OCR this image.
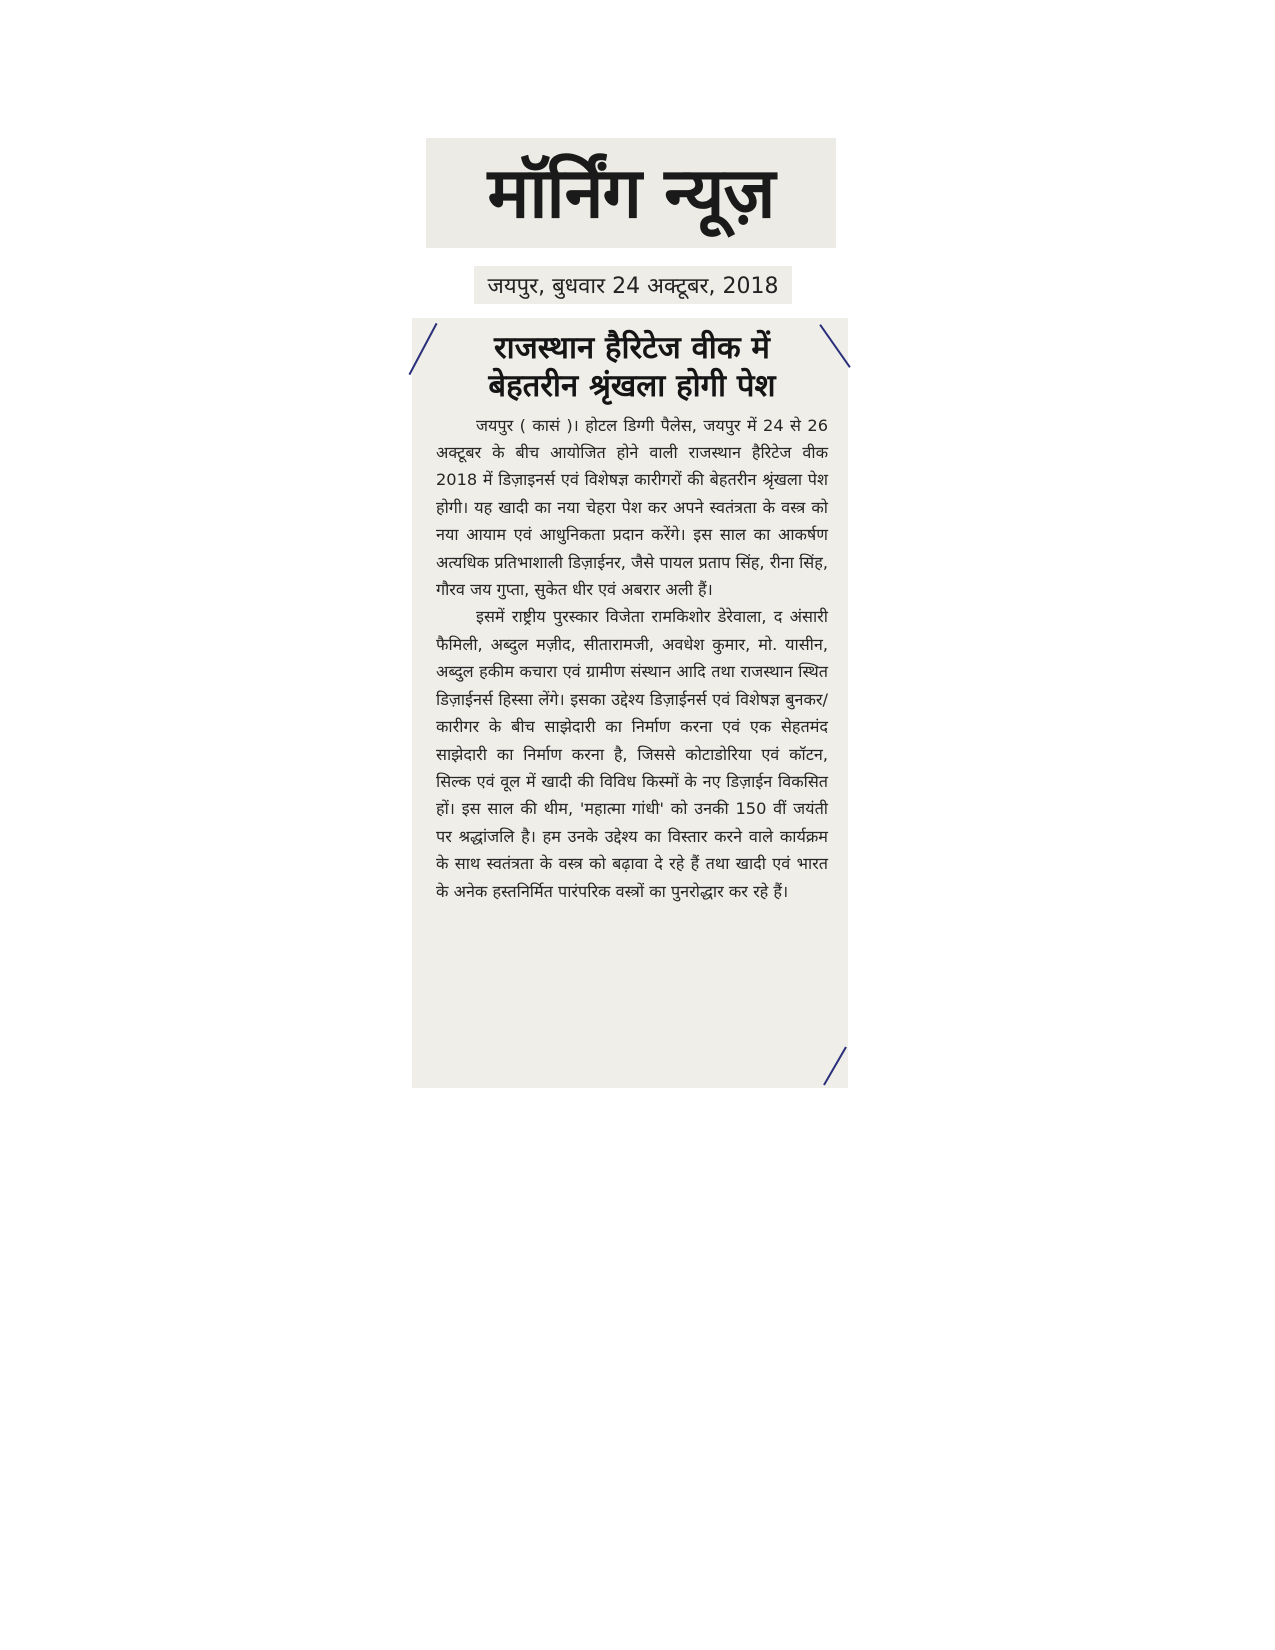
मॉर्निंग न्यूज़
जयपुर, बुधवार 24 अक्टूबर, 2018
राजस्थान हैरिटेज वीक में
बेहतरीन श्रृंखला होगी पेश

जयपुर ( कासं )। होटल डिग्गी पैलेस, जयपुर में 24 से 26 अक्टूबर के बीच आयोजित होने वाली राजस्थान हैरिटेज वीक 2018 में डिज़ाइनर्स एवं विशेषज्ञ कारीगरों की बेहतरीन श्रृंखला पेश होगी। यह खादी का नया चेहरा पेश कर अपने स्वतंत्रता के वस्त्र को नया आयाम एवं आधुनिकता प्रदान करेंगे। इस साल का आकर्षण अत्यधिक प्रतिभाशाली डिज़ाईनर, जैसे पायल प्रताप सिंह, रीना सिंह, गौरव जय गुप्ता, सुकेत धीर एवं अबरार अली हैं।

इसमें राष्ट्रीय पुरस्कार विजेता रामकिशोर डेरेवाला, द अंसारी फैमिली, अब्दुल मज़ीद, सीतारामजी, अवधेश कुमार, मो. यासीन, अब्दुल हकीम कचारा एवं ग्रामीण संस्थान आदि तथा राजस्थान स्थित डिज़ाईनर्स हिस्सा लेंगे। इसका उद्देश्य डिज़ाईनर्स एवं विशेषज्ञ बुनकर/कारीगर के बीच साझेदारी का निर्माण करना एवं एक सेहतमंद साझेदारी का निर्माण करना है, जिससे कोटाडोरिया एवं कॉटन, सिल्क एवं वूल में खादी की विविध किस्मों के नए डिज़ाईन विकसित हों। इस साल की थीम, 'महात्मा गांधी' को उनकी 150 वीं जयंती पर श्रद्धांजलि है। हम उनके उद्देश्य का विस्तार करने वाले कार्यक्रम के साथ स्वतंत्रता के वस्त्र को बढ़ावा दे रहे हैं तथा खादी एवं भारत के अनेक हस्तनिर्मित पारंपरिक वस्त्रों का पुनरोद्धार कर रहे हैं।
